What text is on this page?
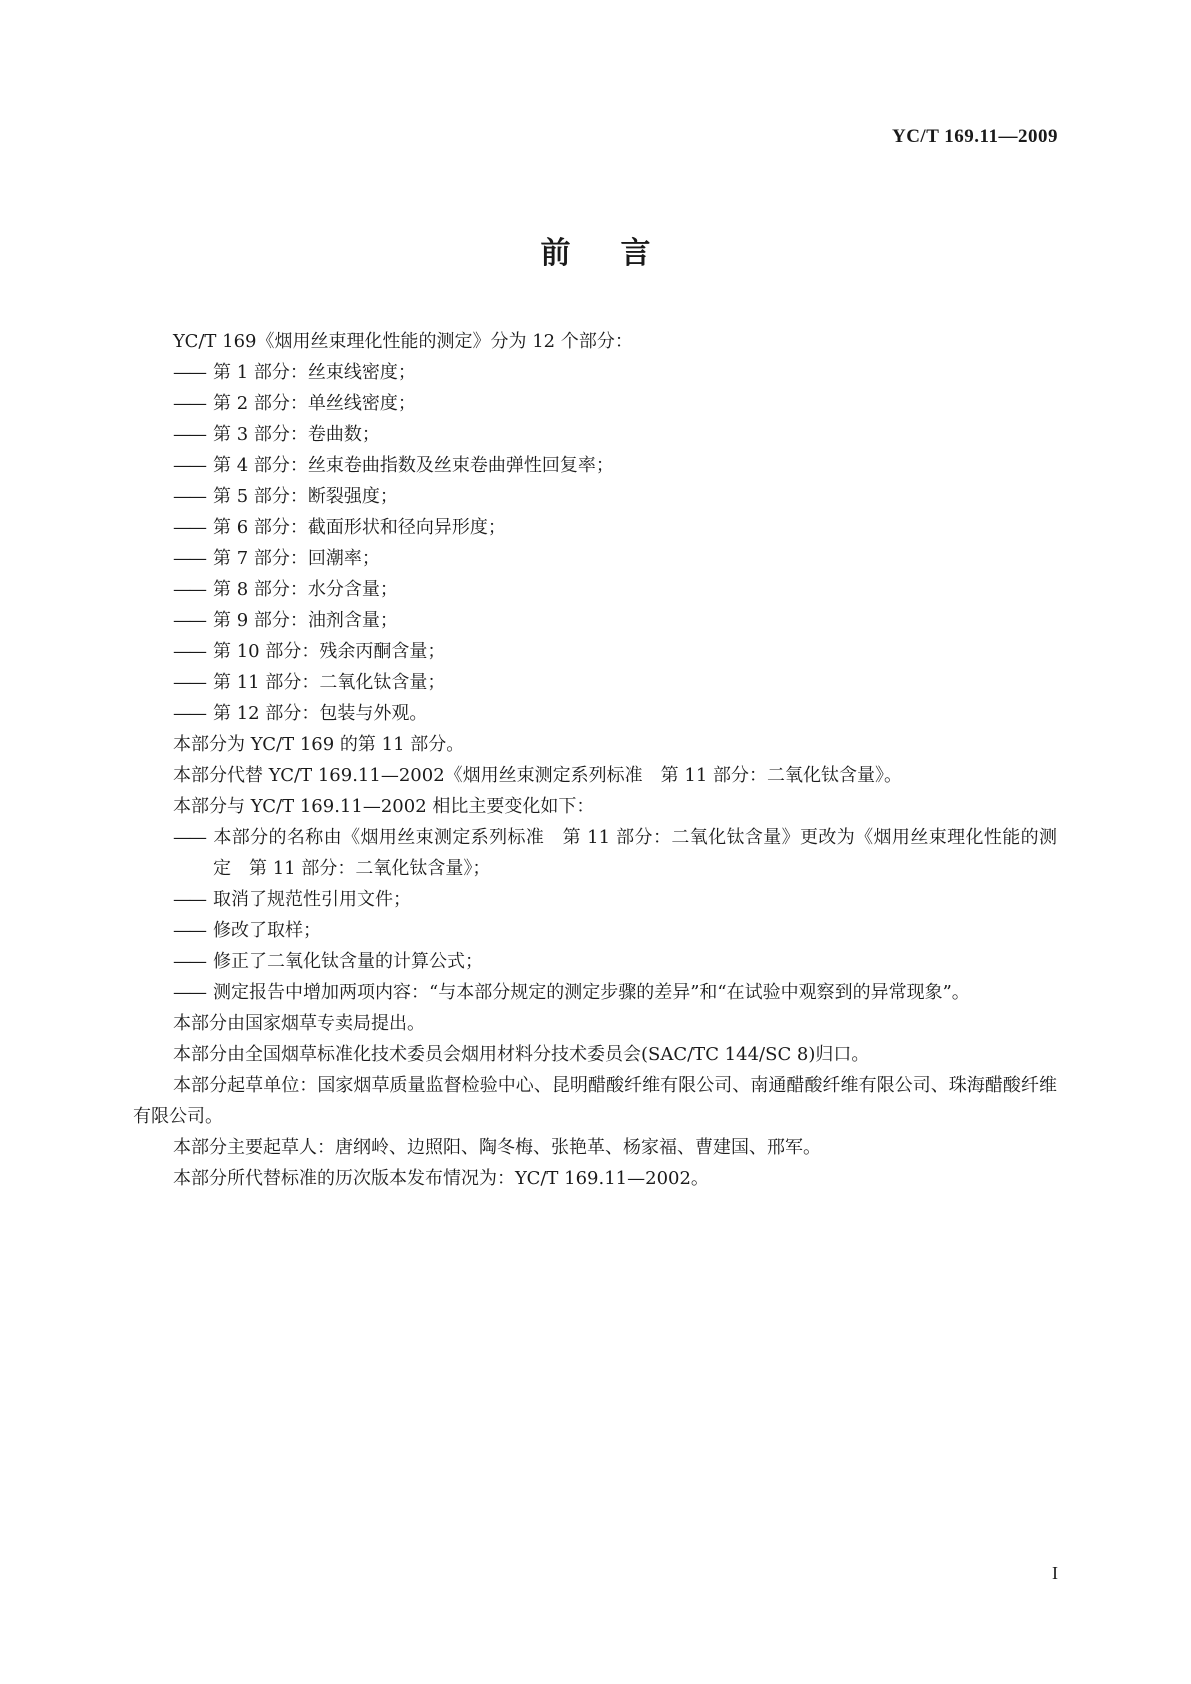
YC/T 169.11—2009
前言

YC/T 169《烟用丝束理化性能的测定》分为 12 个部分：

—— 第 1 部分：丝束线密度；

—— 第 2 部分：单丝线密度；

—— 第 3 部分：卷曲数；

—— 第 4 部分：丝束卷曲指数及丝束卷曲弹性回复率；

—— 第 5 部分：断裂强度；

—— 第 6 部分：截面形状和径向异形度；

—— 第 7 部分：回潮率；

—— 第 8 部分：水分含量；

—— 第 9 部分：油剂含量；

—— 第 10 部分：残余丙酮含量；

—— 第 11 部分：二氧化钛含量；

—— 第 12 部分：包装与外观。

本部分为 YC/T 169 的第 11 部分。

本部分代替 YC/T 169.11—2002《烟用丝束测定系列标准　第 11 部分：二氧化钛含量》。

本部分与 YC/T 169.11—2002 相比主要变化如下：

—— 本部分的名称由《烟用丝束测定系列标准　第 11 部分：二氧化钛含量》更改为《烟用丝束理化性能的测定　第 11 部分：二氧化钛含量》；

—— 取消了规范性引用文件；

—— 修改了取样；

—— 修正了二氧化钛含量的计算公式；

—— 测定报告中增加两项内容：“与本部分规定的测定步骤的差异”和“在试验中观察到的异常现象”。

本部分由国家烟草专卖局提出。

本部分由全国烟草标准化技术委员会烟用材料分技术委员会(SAC/TC 144/SC 8)归口。

本部分起草单位：国家烟草质量监督检验中心、昆明醋酸纤维有限公司、南通醋酸纤维有限公司、珠海醋酸纤维有限公司。

本部分主要起草人：唐纲岭、边照阳、陶冬梅、张艳革、杨家福、曹建国、邢军。

本部分所代替标准的历次版本发布情况为：YC/T 169.11—2002。

I
